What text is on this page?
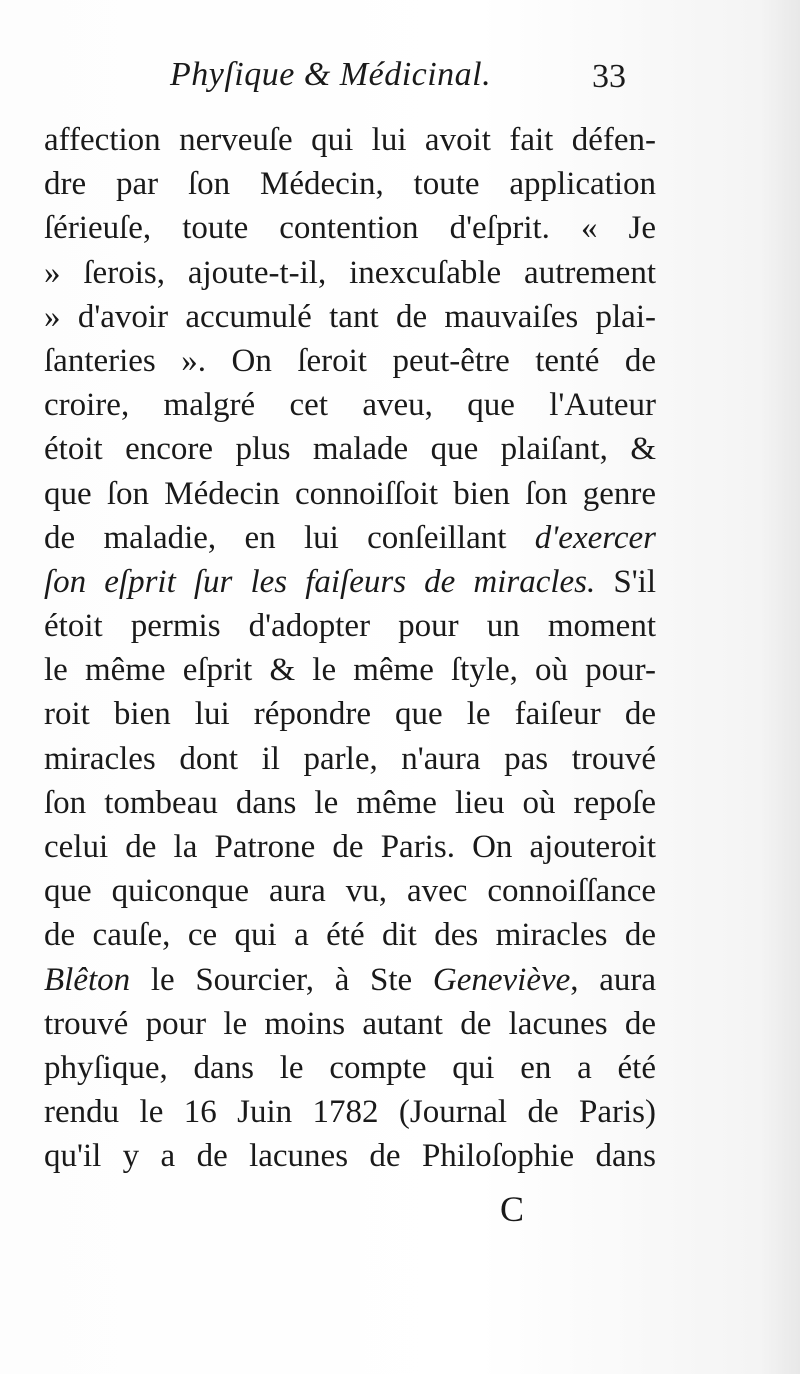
Phyſique & Médicinal.	33
affection nerveuſe qui lui avoit fait défen-
dre par ſon Médecin, toute application
ſérieuſe, toute contention d'eſprit. « Je
» ſerois, ajoute-t-il, inexcuſable autrement
» d'avoir accumulé tant de mauvaiſes plai-
ſanteries ». On ſeroit peut-être tenté de
croire, malgré cet aveu, que l'Auteur
étoit encore plus malade que plaiſant, &
que ſon Médecin connoiſſoit bien ſon genre
de maladie, en lui conſeillant d'exercer
ſon eſprit ſur les faiſeurs de miracles. S'il
étoit permis d'adopter pour un moment
le même eſprit & le même ſtyle, où pour-
roit bien lui répondre que le faiſeur de
miracles dont il parle, n'aura pas trouvé
ſon tombeau dans le même lieu où repoſe
celui de la Patrone de Paris. On ajouteroit
que quiconque aura vu, avec connoiſſance
de cauſe, ce qui a été dit des miracles de
Blêton le Sourcier, à Ste Geneviève, aura
trouvé pour le moins autant de lacunes de
phyſique, dans le compte qui en a été
rendu le 16 Juin 1782 (Journal de Paris)
qu'il y a de lacunes de Philoſophie dans
C
